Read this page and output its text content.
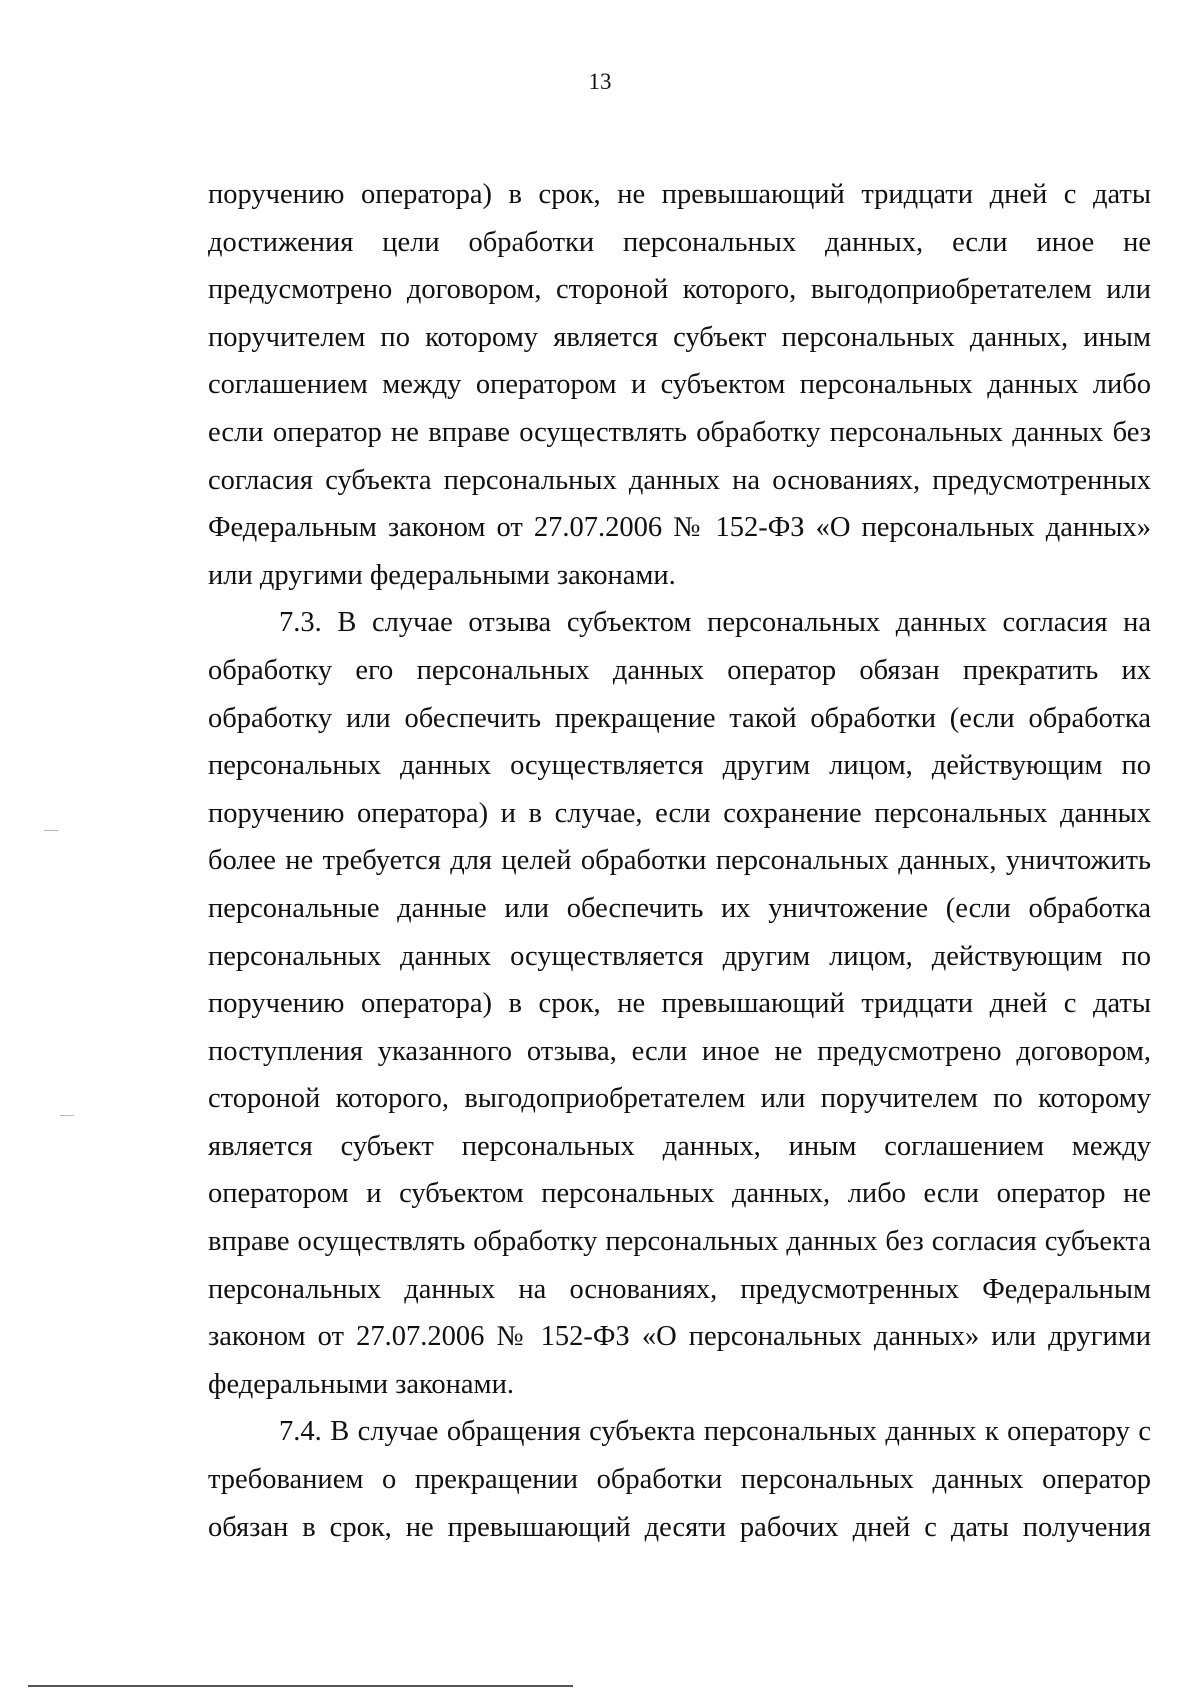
13

поручению оператора) в срок, не превышающий тридцати дней с даты
достижения цели обработки персональных данных, если иное не
предусмотрено договором, стороной которого, выгодоприобретателем или
поручителем по которому является субъект персональных данных, иным
соглашением между оператором и субъектом персональных данных либо
если оператор не вправе осуществлять обработку персональных данных без
согласия субъекта персональных данных на основаниях, предусмотренных
Федеральным законом от 27.07.2006 № 152-ФЗ «О персональных данных»
или другими федеральными законами.

7.3. В случае отзыва субъектом персональных данных согласия на
обработку его персональных данных оператор обязан прекратить их
обработку или обеспечить прекращение такой обработки (если обработка
персональных данных осуществляется другим лицом, действующим по
поручению оператора) и в случае, если сохранение персональных данных
более не требуется для целей обработки персональных данных, уничтожить
персональные данные или обеспечить их уничтожение (если обработка
персональных данных осуществляется другим лицом, действующим по
поручению оператора) в срок, не превышающий тридцати дней с даты
поступления указанного отзыва, если иное не предусмотрено договором,
стороной которого, выгодоприобретателем или поручителем по которому
является субъект персональных данных, иным соглашением между
оператором и субъектом персональных данных, либо если оператор не
вправе осуществлять обработку персональных данных без согласия субъекта
персональных данных на основаниях, предусмотренных Федеральным
законом от 27.07.2006 № 152-ФЗ «О персональных данных» или другими
федеральными законами.

7.4. В случае обращения субъекта персональных данных к оператору с
требованием о прекращении обработки персональных данных оператор
обязан в срок, не превышающий десяти рабочих дней с даты получения
